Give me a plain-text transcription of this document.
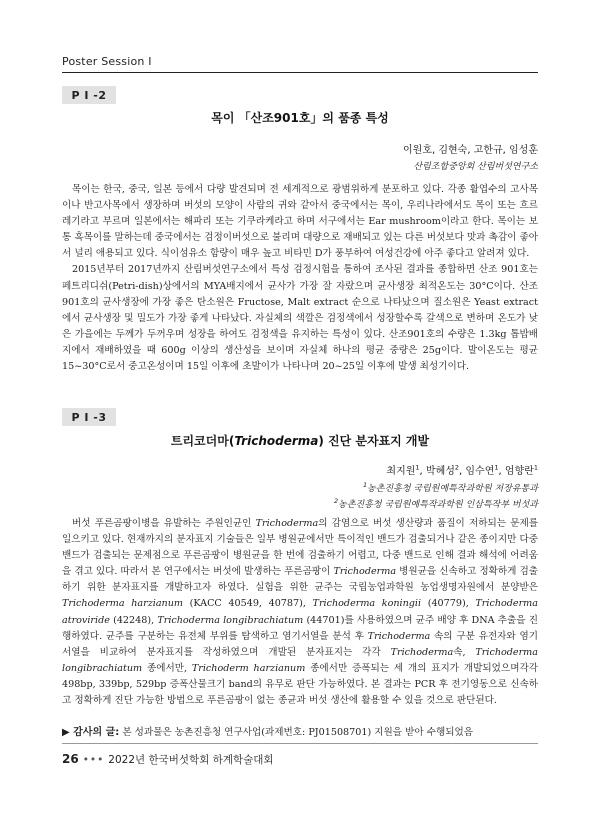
Poster Session Ⅰ
P I -2
목이 「산조901호」의 품종 특성
이원호, 김현숙, 고한규, 임성훈
산림조합중앙회 산림버섯연구소

목이는 한국, 중국, 일본 등에서 다량 발견되며 전 세계적으로 광범위하게 분포하고 있다. 각종 활엽수의 고사목이나 반고사목에서 생장하며 버섯의 모양이 사람의 귀와 같아서 중국에서는 목이, 우리나라에서도 목이 또는 흐르레기라고 부르며 일본에서는 해파리 또는 기쿠라케라고 하며 서구에서는 Ear mushroom이라고 한다. 목이는 보통 흑목이를 말하는데 중국에서는 검정이버섯으로 불리며 대량으로 재배되고 있는 다른 버섯보다 맛과 촉감이 좋아서 널리 애용되고 있다. 식이섬유소 함량이 매우 높고 비타민 D가 풍부하여 여성건강에 아주 좋다고 알려져 있다.

2015년부터 2017년까지 산림버섯연구소에서 특성 검정시험을 통하여 조사된 결과를 종합하면 산조 901호는 페트리디쉬(Petri-dish)상에서의 MYA배지에서 균사가 가장 잘 자랐으며 균사생장 최적온도는 30°C이다. 산조901호의 균사생장에 가장 좋은 탄소원은 Fructose, Malt extract 순으로 나타났으며 질소원은 Yeast extract에서 균사생장 및 밀도가 가장 좋게 나타났다. 자실체의 색깔은 검정색에서 성장할수록 갈색으로 변하며 온도가 낮은 가을에는 두께가 두꺼우며 성장을 하여도 검정색을 유지하는 특성이 있다. 산조901호의 수량은 1.3kg 톱밥배지에서 재배하였을 때 600g 이상의 생산성을 보이며 자실체 하나의 평균 중량은 25g이다. 발이온도는 평균 15~30°C로서 중고온성이며 15일 이후에 초발이가 나타나며 20~25일 이후에 발생 최성기이다.

P I -3
트리코더마(Trichoderma) 진단 분자표지 개발
최지원$^1$, 박혜성$^2$, 임수연$^1$, 엄향란$^1$
$^1$농촌진흥청 국립원예특작과학원 저장유통과
$^2$농촌진흥청 국립원예특작과학원 인삼특작부 버섯과

버섯 푸른곰팡이병을 유발하는 주원인균인 Trichoderma의 감염으로 버섯 생산량과 품질이 저하되는 문제를 일으키고 있다. 현재까지의 분자표지 기술들은 일부 병원균에서만 특이적인 밴드가 검출되거나 같은 종이지만 다중 밴드가 검출되는 문제점으로 푸른곰팡이 병원균을 한 번에 검출하기 어렵고, 다중 밴드로 인해 결과 해석에 어려움을 겪고 있다. 따라서 본 연구에서는 버섯에 발생하는 푸른곰팡이 Trichoderma 병원균을 신속하고 정확하게 검출하기 위한 분자표지를 개발하고자 하였다. 실험을 위한 균주는 국립농업과학원 농업생명자원에서 분양받은 Trichoderma harzianum (KACC 40549, 40787), Trichoderma koningii (40779), Trichoderma atroviride (42248), Trichoderma longibrachiatum (44701)를 사용하였으며 균주 배양 후 DNA 추출을 진행하였다. 균주를 구분하는 유전체 부위를 탐색하고 염기서열을 분석 후 Trichoderma 속의 구분 유전자와 염기서열을 비교하여 분자표지를 작성하였으며 개발된 분자표지는 각각 Trichoderma속, Trichoderma longibrachiatum 종에서만, Trichoderm harzianum 종에서만 증폭되는 세 개의 표지가 개발되었으며각각 498bp, 339bp, 529bp 증폭산물크기 band의 유무로 판단 가능하였다. 본 결과는 PCR 후 전기영동으로 신속하고 정확하게 진단 가능한 방법으로 푸른곰팡이 없는 종균과 버섯 생산에 활용할 수 있을 것으로 판단된다.

▶ 감사의 글: 본 성과물은 농촌진흥청 연구사업(과제번호: PJ01508701) 지원을 받아 수행되었음
26 ••• 2022년 한국버섯학회 하계학술대회
